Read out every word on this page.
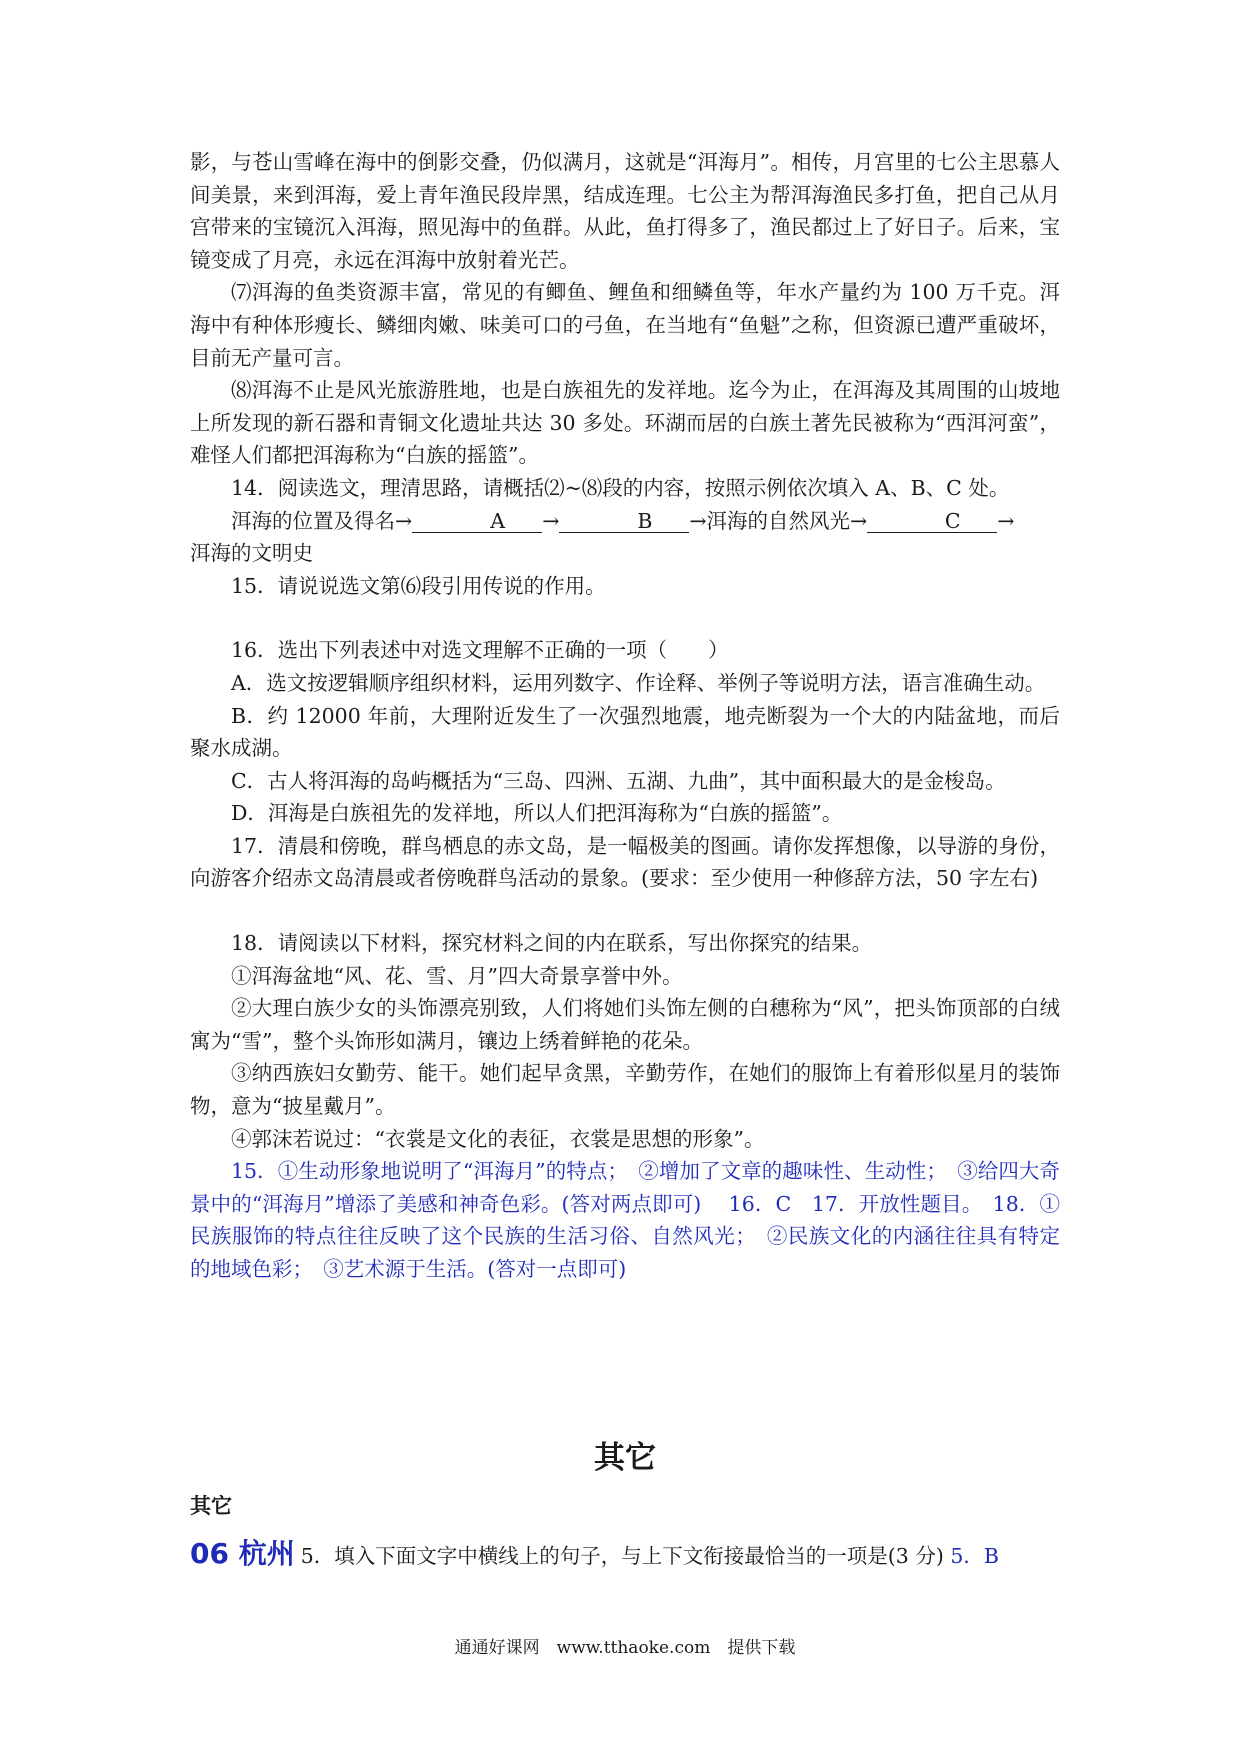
影，与苍山雪峰在海中的倒影交叠，仍似满月，这就是“洱海月”。相传，月宫里的七公主思慕人间美景，来到洱海，爱上青年渔民段岸黑，结成连理。七公主为帮洱海渔民多打鱼，把自己从月宫带来的宝镜沉入洱海，照见海中的鱼群。从此，鱼打得多了，渔民都过上了好日子。后来，宝镜变成了月亮，永远在洱海中放射着光芒。

⑺洱海的鱼类资源丰富，常见的有鲫鱼、鲤鱼和细鳞鱼等，年水产量约为 100 万千克。洱海中有种体形瘦长、鳞细肉嫩、味美可口的弓鱼，在当地有“鱼魁”之称，但资源已遭严重破坏，目前无产量可言。

⑻洱海不止是风光旅游胜地，也是白族祖先的发祥地。迄今为止，在洱海及其周围的山坡地上所发现的新石器和青铜文化遗址共达 30 多处。环湖而居的白族土著先民被称为“西洱河蛮”，难怪人们都把洱海称为“白族的摇篮”。

14．阅读选文，理清思路，请概括⑵~⑻段的内容，按照示例依次填入 A、B、C 处。

洱海的位置及得名→	A →	B →洱海的自然风光→	C →

洱海的文明史

15．请说说选文第⑹段引用传说的作用。

16．选出下列表述中对选文理解不正确的一项（　　）

A．选文按逻辑顺序组织材料，运用列数字、作诠释、举例子等说明方法，语言准确生动。

B．约 12000 年前，大理附近发生了一次强烈地震，地壳断裂为一个大的内陆盆地，而后聚水成湖。

C．古人将洱海的岛屿概括为“三岛、四洲、五湖、九曲”，其中面积最大的是金梭岛。

D．洱海是白族祖先的发祥地，所以人们把洱海称为“白族的摇篮”。

17．清晨和傍晚，群鸟栖息的赤文岛，是一幅极美的图画。请你发挥想像，以导游的身份，向游客介绍赤文岛清晨或者傍晚群鸟活动的景象。(要求：至少使用一种修辞方法，50 字左右)

18．请阅读以下材料，探究材料之间的内在联系，写出你探究的结果。

①洱海盆地“风、花、雪、月”四大奇景享誉中外。

②大理白族少女的头饰漂亮别致，人们将她们头饰左侧的白穗称为“风”，把头饰顶部的白绒寓为“雪”，整个头饰形如满月，镶边上绣着鲜艳的花朵。

③纳西族妇女勤劳、能干。她们起早贪黑，辛勤劳作，在她们的服饰上有着形似星月的装饰物，意为“披星戴月”。

④郭沫若说过：“衣裳是文化的表征，衣裳是思想的形象”。

15．①生动形象地说明了“洱海月”的特点；　②增加了文章的趣味性、生动性；　③给四大奇景中的“洱海月”增添了美感和神奇色彩。(答对两点即可)　 16．C　17．开放性题目。　18．①民族服饰的特点往往反映了这个民族的生活习俗、自然风光；　②民族文化的内涵往往具有特定的地域色彩；　③艺术源于生活。(答对一点即可)

其它
其它

06 杭州 5．填入下面文字中横线上的句子，与上下文衔接最恰当的一项是(3 分) 5．B

通通好课网　www.tthaoke.com　提供下载
